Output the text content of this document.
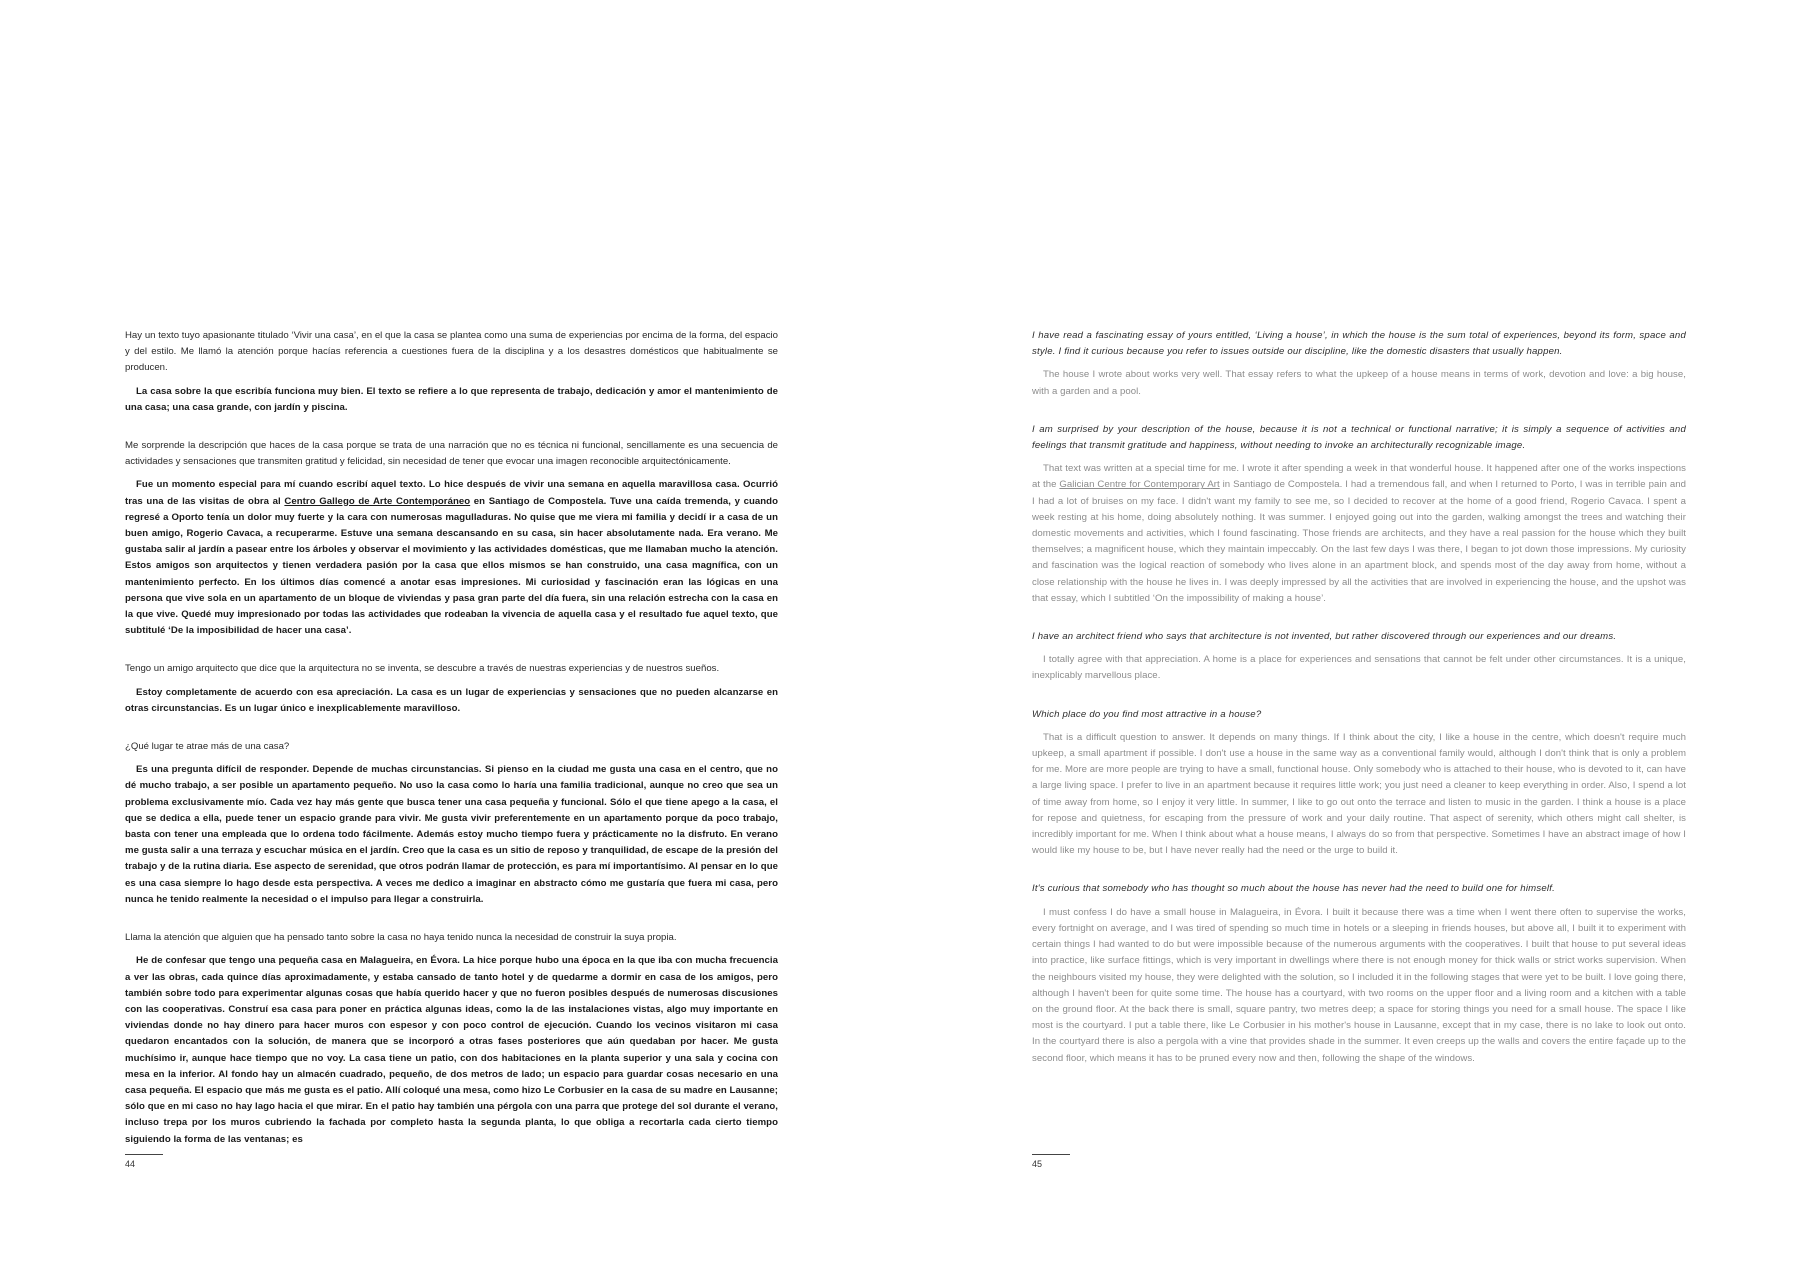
Hay un texto tuyo apasionante titulado ‘Vivir una casa’, en el que la casa se plantea como una suma de experiencias por encima de la forma, del espacio y del estilo. Me llamó la atención porque hacías referencia a cuestiones fuera de la disciplina y a los desastres domésticos que habitualmente se producen.

La casa sobre la que escribía funciona muy bien. El texto se refiere a lo que representa de trabajo, dedicación y amor el mantenimiento de una casa; una casa grande, con jardín y piscina.

Me sorprende la descripción que haces de la casa porque se trata de una narración que no es técnica ni funcional, sencillamente es una secuencia de actividades y sensaciones que transmiten gratitud y felicidad, sin necesidad de tener que evocar una imagen reconocible arquitectónicamente.

Fue un momento especial para mí cuando escribí aquel texto. Lo hice después de vivir una semana en aquella maravillosa casa. Ocurrió tras una de las visitas de obra al Centro Gallego de Arte Contemporáneo en Santiago de Compostela. Tuve una caída tremenda, y cuando regresé a Oporto tenía un dolor muy fuerte y la cara con numerosas magulladuras. No quise que me viera mi familia y decidí ir a casa de un buen amigo, Rogerio Cavaca, a recuperarme. Estuve una semana descansando en su casa, sin hacer absolutamente nada. Era verano. Me gustaba salir al jardín a pasear entre los árboles y observar el movimiento y las actividades domésticas, que me llamaban mucho la atención. Estos amigos son arquitectos y tienen verdadera pasión por la casa que ellos mismos se han construido, una casa magnífica, con un mantenimiento perfecto. En los últimos días comencé a anotar esas impresiones. Mi curiosidad y fascinación eran las lógicas en una persona que vive sola en un apartamento de un bloque de viviendas y pasa gran parte del día fuera, sin una relación estrecha con la casa en la que vive. Quedé muy impresionado por todas las actividades que rodeaban la vivencia de aquella casa y el resultado fue aquel texto, que subtitulé ‘De la imposibilidad de hacer una casa’.

Tengo un amigo arquitecto que dice que la arquitectura no se inventa, se descubre a través de nuestras experiencias y de nuestros sueños.

Estoy completamente de acuerdo con esa apreciación. La casa es un lugar de experiencias y sensaciones que no pueden alcanzarse en otras circunstancias. Es un lugar único e inexplicablemente maravilloso.

¿Qué lugar te atrae más de una casa?

Es una pregunta difícil de responder. Depende de muchas circunstancias. Si pienso en la ciudad me gusta una casa en el centro, que no dé mucho trabajo, a ser posible un apartamento pequeño. No uso la casa como lo haría una familia tradicional, aunque no creo que sea un problema exclusivamente mío. Cada vez hay más gente que busca tener una casa pequeña y funcional. Sólo el que tiene apego a la casa, el que se dedica a ella, puede tener un espacio grande para vivir. Me gusta vivir preferentemente en un apartamento porque da poco trabajo, basta con tener una empleada que lo ordena todo fácilmente. Además estoy mucho tiempo fuera y prácticamente no la disfruto. En verano me gusta salir a una terraza y escuchar música en el jardín. Creo que la casa es un sitio de reposo y tranquilidad, de escape de la presión del trabajo y de la rutina diaria. Ese aspecto de serenidad, que otros podrán llamar de protección, es para mí importantísimo. Al pensar en lo que es una casa siempre lo hago desde esta perspectiva. A veces me dedico a imaginar en abstracto cómo me gustaría que fuera mi casa, pero nunca he tenido realmente la necesidad o el impulso para llegar a construirla.

Llama la atención que alguien que ha pensado tanto sobre la casa no haya tenido nunca la necesidad de construir la suya propia.

He de confesar que tengo una pequeña casa en Malagueira, en Évora. La hice porque hubo una época en la que iba con mucha frecuencia a ver las obras, cada quince días aproximadamente, y estaba cansado de tanto hotel y de quedarme a dormir en casa de los amigos, pero también sobre todo para experimentar algunas cosas que había querido hacer y que no fueron posibles después de numerosas discusiones con las cooperativas. Construí esa casa para poner en práctica algunas ideas, como la de las instalaciones vistas, algo muy importante en viviendas donde no hay dinero para hacer muros con espesor y con poco control de ejecución. Cuando los vecinos visitaron mi casa quedaron encantados con la solución, de manera que se incorporó a otras fases posteriores que aún quedaban por hacer. Me gusta muchísimo ir, aunque hace tiempo que no voy. La casa tiene un patio, con dos habitaciones en la planta superior y una sala y cocina con mesa en la inferior. Al fondo hay un almacén cuadrado, pequeño, de dos metros de lado; un espacio para guardar cosas necesario en una casa pequeña. El espacio que más me gusta es el patio. Allí coloqué una mesa, como hizo Le Corbusier en la casa de su madre en Lausanne; sólo que en mi caso no hay lago hacia el que mirar. En el patio hay también una pérgola con una parra que protege del sol durante el verano, incluso trepa por los muros cubriendo la fachada por completo hasta la segunda planta, lo que obliga a recortarla cada cierto tiempo siguiendo la forma de las ventanas; es

44

I have read a fascinating essay of yours entitled, ‘Living a house’, in which the house is the sum total of experiences, beyond its form, space and style. I find it curious because you refer to issues outside our discipline, like the domestic disasters that usually happen.

The house I wrote about works very well. That essay refers to what the upkeep of a house means in terms of work, devotion and love: a big house, with a garden and a pool.

I am surprised by your description of the house, because it is not a technical or functional narrative; it is simply a sequence of activities and feelings that transmit gratitude and happiness, without needing to invoke an architecturally recognizable image.

That text was written at a special time for me. I wrote it after spending a week in that wonderful house. It happened after one of the works inspections at the Galician Centre for Contemporary Art in Santiago de Compostela. I had a tremendous fall, and when I returned to Porto, I was in terrible pain and I had a lot of bruises on my face. I didn't want my family to see me, so I decided to recover at the home of a good friend, Rogerio Cavaca. I spent a week resting at his home, doing absolutely nothing. It was summer. I enjoyed going out into the garden, walking amongst the trees and watching their domestic movements and activities, which I found fascinating. Those friends are architects, and they have a real passion for the house which they built themselves; a magnificent house, which they maintain impeccably. On the last few days I was there, I began to jot down those impressions. My curiosity and fascination was the logical reaction of somebody who lives alone in an apartment block, and spends most of the day away from home, without a close relationship with the house he lives in. I was deeply impressed by all the activities that are involved in experiencing the house, and the upshot was that essay, which I subtitled ‘On the impossibility of making a house’.

I have an architect friend who says that architecture is not invented, but rather discovered through our experiences and our dreams.

I totally agree with that appreciation. A home is a place for experiences and sensations that cannot be felt under other circumstances. It is a unique, inexplicably marvellous place.

Which place do you find most attractive in a house?

That is a difficult question to answer. It depends on many things. If I think about the city, I like a house in the centre, which doesn't require much upkeep, a small apartment if possible. I don't use a house in the same way as a conventional family would, although I don't think that is only a problem for me. More are more people are trying to have a small, functional house. Only somebody who is attached to their house, who is devoted to it, can have a large living space. I prefer to live in an apartment because it requires little work; you just need a cleaner to keep everything in order. Also, I spend a lot of time away from home, so I enjoy it very little. In summer, I like to go out onto the terrace and listen to music in the garden. I think a house is a place for repose and quietness, for escaping from the pressure of work and your daily routine. That aspect of serenity, which others might call shelter, is incredibly important for me. When I think about what a house means, I always do so from that perspective. Sometimes I have an abstract image of how I would like my house to be, but I have never really had the need or the urge to build it.

It's curious that somebody who has thought so much about the house has never had the need to build one for himself.

I must confess I do have a small house in Malagueira, in Évora. I built it because there was a time when I went there often to supervise the works, every fortnight on average, and I was tired of spending so much time in hotels or a sleeping in friends houses, but above all, I built it to experiment with certain things I had wanted to do but were impossible because of the numerous arguments with the cooperatives. I built that house to put several ideas into practice, like surface fittings, which is very important in dwellings where there is not enough money for thick walls or strict works supervision. When the neighbours visited my house, they were delighted with the solution, so I included it in the following stages that were yet to be built. I love going there, although I haven't been for quite some time. The house has a courtyard, with two rooms on the upper floor and a living room and a kitchen with a table on the ground floor. At the back there is small, square pantry, two metres deep; a space for storing things you need for a small house. The space I like most is the courtyard. I put a table there, like Le Corbusier in his mother's house in Lausanne, except that in my case, there is no lake to look out onto. In the courtyard there is also a pergola with a vine that provides shade in the summer. It even creeps up the walls and covers the entire façade up to the second floor, which means it has to be pruned every now and then, following the shape of the windows.

45
